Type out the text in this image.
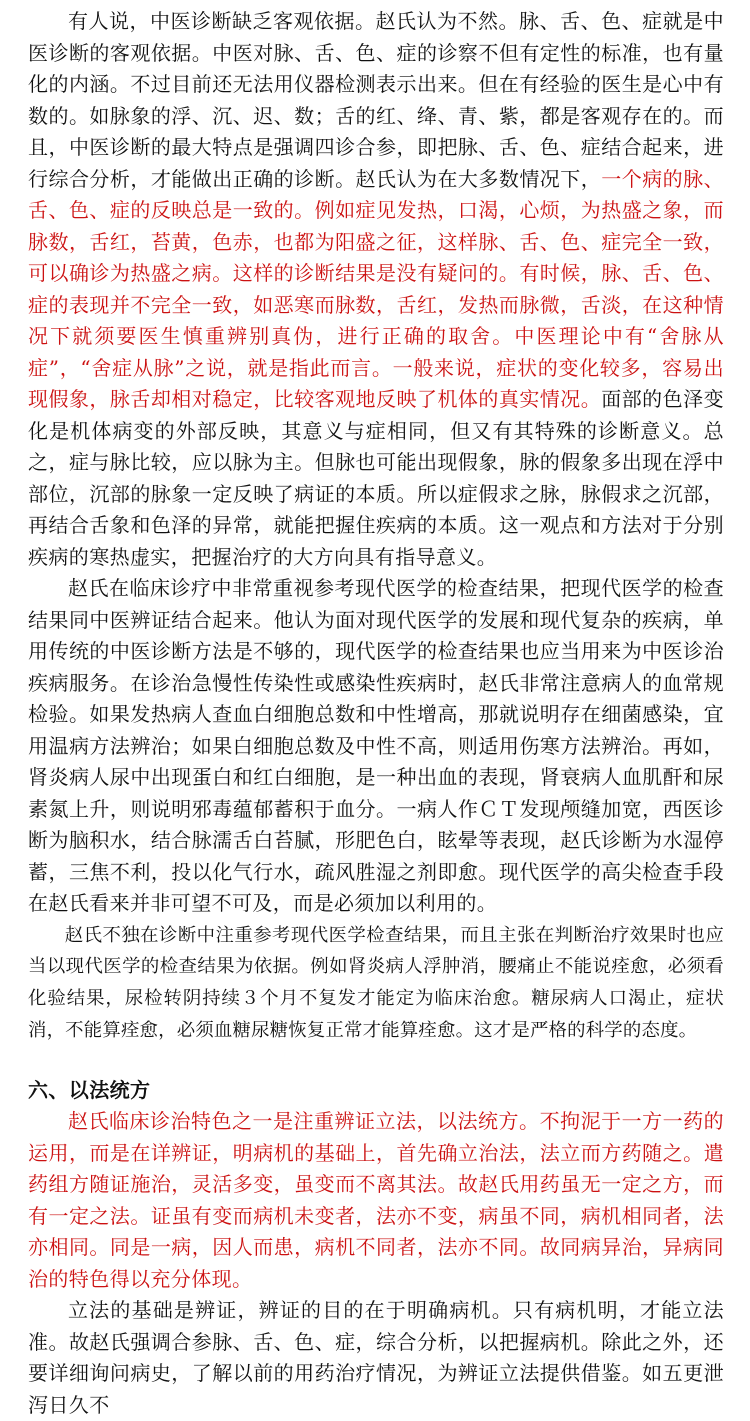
有人说，中医诊断缺乏客观依据。赵氏认为不然。脉、舌、色、症就是中医诊断的客观依据。中医对脉、舌、色、症的诊察不但有定性的标准，也有量化的内涵。不过目前还无法用仪器检测表示出来。但在有经验的医生是心中有数的。如脉象的浮、沉、迟、数；舌的红、绛、青、紫，都是客观存在的。而且，中医诊断的最大特点是强调四诊合参，即把脉、舌、色、症结合起来，进行综合分析，才能做出正确的诊断。赵氏认为在大多数情况下，一个病的脉、舌、色、症的反映总是一致的。例如症见发热，口渴，心烦，为热盛之象，而脉数，舌红，苔黄，色赤，也都为阳盛之征，这样脉、舌、色、症完全一致，可以确诊为热盛之病。这样的诊断结果是没有疑问的。有时候，脉、舌、色、症的表现并不完全一致，如恶寒而脉数，舌红，发热而脉微，舌淡，在这种情况下就须要医生慎重辨别真伪，进行正确的取舍。中医理论中有“舍脉从症”，“舍症从脉”之说，就是指此而言。一般来说，症状的变化较多，容易出现假象，脉舌却相对稳定，比较客观地反映了机体的真实情况。面部的色泽变化是机体病变的外部反映，其意义与症相同，但又有其特殊的诊断意义。总之，症与脉比较，应以脉为主。但脉也可能出现假象，脉的假象多出现在浮中部位，沉部的脉象一定反映了病证的本质。所以症假求之脉，脉假求之沉部，再结合舌象和色泽的异常，就能把握住疾病的本质。这一观点和方法对于分别疾病的寒热虚实，把握治疗的大方向具有指导意义。

赵氏在临床诊疗中非常重视参考现代医学的检查结果，把现代医学的检查结果同中医辨证结合起来。他认为面对现代医学的发展和现代复杂的疾病，单用传统的中医诊断方法是不够的，现代医学的检查结果也应当用来为中医诊治疾病服务。在诊治急慢性传染性或感染性疾病时，赵氏非常注意病人的血常规检验。如果发热病人查血白细胞总数和中性增高，那就说明存在细菌感染，宜用温病方法辨治；如果白细胞总数及中性不高，则适用伤寒方法辨治。再如，肾炎病人尿中出现蛋白和红白细胞，是一种出血的表现，肾衰病人血肌酐和尿素氮上升，则说明邪毒蕴郁蓄积于血分。一病人作ＣＴ发现颅缝加宽，西医诊断为脑积水，结合脉濡舌白苔腻，形肥色白，眩晕等表现，赵氏诊断为水湿停蓄，三焦不利，投以化气行水，疏风胜湿之剂即愈。现代医学的高尖检查手段在赵氏看来并非可望不可及，而是必须加以利用的。

赵氏不独在诊断中注重参考现代医学检查结果，而且主张在判断治疗效果时也应当以现代医学的检查结果为依据。例如肾炎病人浮肿消，腰痛止不能说痊愈，必须看化验结果，尿检转阴持续３个月不复发才能定为临床治愈。糖尿病人口渴止，症状消，不能算痊愈，必须血糖尿糖恢复正常才能算痊愈。这才是严格的科学的态度。

六、以法统方

赵氏临床诊治特色之一是注重辨证立法，以法统方。不拘泥于一方一药的运用，而是在详辨证，明病机的基础上，首先确立治法，法立而方药随之。遣药组方随证施治，灵活多变，虽变而不离其法。故赵氏用药虽无一定之方，而有一定之法。证虽有变而病机未变者，法亦不变，病虽不同，病机相同者，法亦相同。同是一病，因人而患，病机不同者，法亦不同。故同病异治，异病同治的特色得以充分体现。

立法的基础是辨证，辨证的目的在于明确病机。只有病机明，才能立法准。故赵氏强调合参脉、舌、色、症，综合分析，以把握病机。除此之外，还要详细询问病史，了解以前的用药治疗情况，为辨证立法提供借鉴。如五更泄泻日久不
